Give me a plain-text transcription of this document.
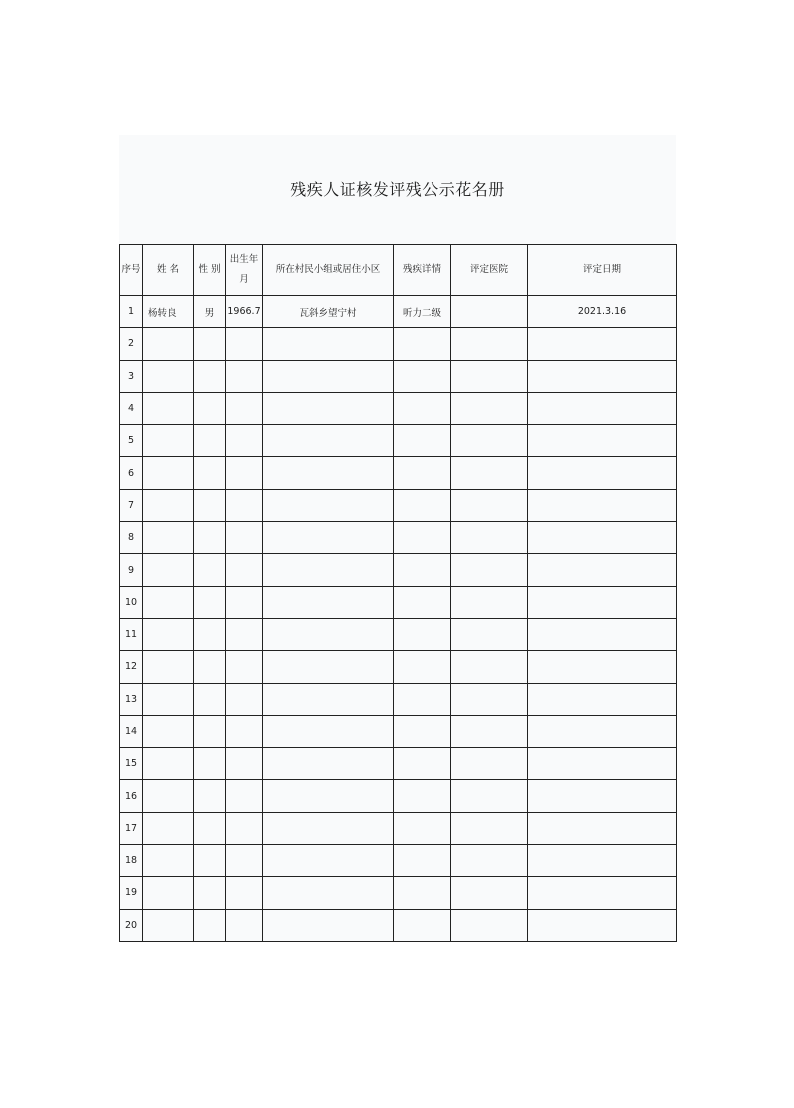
残疾人证核发评残公示花名册
序号	姓 名	性 别	出生年月	所在村民小组或居住小区	残疾详情	评定医院	评定日期
1	杨转良	男	1966.7	瓦斜乡望宁村	听力二级		2021.3.16
2							
3							
4							
5							
6							
7							
8							
9							
10							
11							
12							
13							
14							
15							
16							
17							
18							
19							
20							
